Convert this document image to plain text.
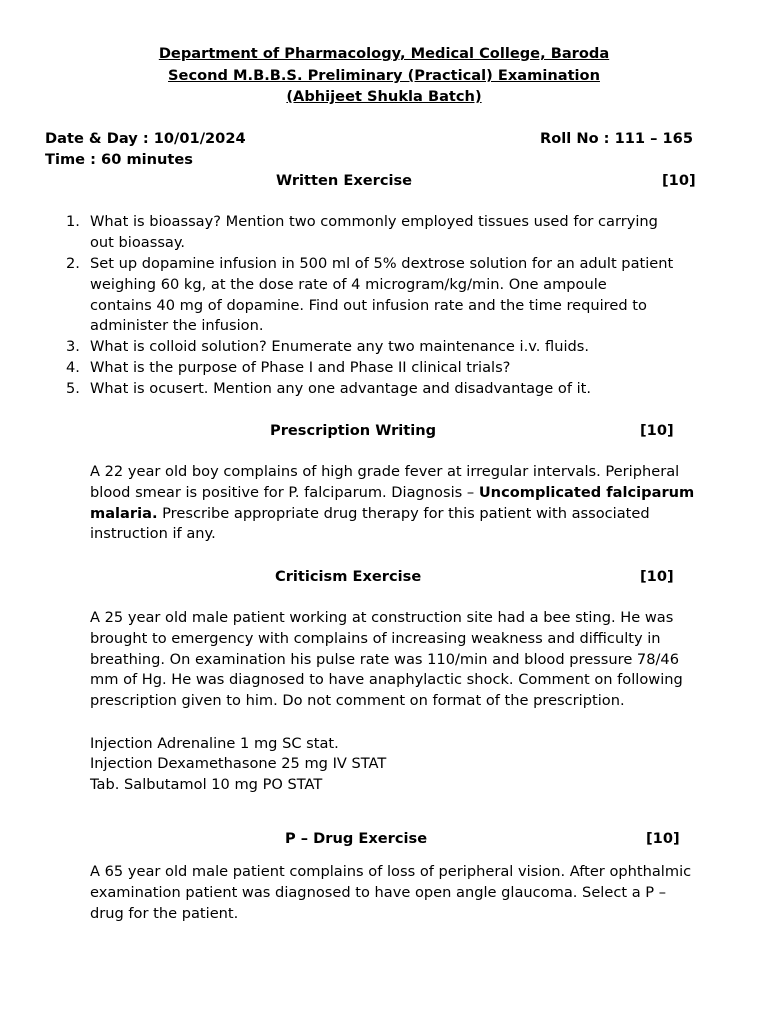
Department of Pharmacology, Medical College, Baroda
Second M.B.B.S. Preliminary (Practical) Examination
(Abhijeet Shukla Batch)
Date & Day : 10/01/2024	Roll No : 111 – 165
Time : 60 minutes
Written Exercise	[10]
1. What is bioassay? Mention two commonly employed tissues used for carrying
out bioassay.
2. Set up dopamine infusion in 500 ml of 5% dextrose solution for an adult patient
weighing 60 kg, at the dose rate of 4 microgram/kg/min. One ampoule
contains 40 mg of dopamine. Find out infusion rate and the time required to
administer the infusion.
3. What is colloid solution? Enumerate any two maintenance i.v. fluids.
4. What is the purpose of Phase I and Phase II clinical trials?
5. What is ocusert. Mention any one advantage and disadvantage of it.
Prescription Writing	[10]
A 22 year old boy complains of high grade fever at irregular intervals. Peripheral
blood smear is positive for P. falciparum. Diagnosis – Uncomplicated falciparum
malaria. Prescribe appropriate drug therapy for this patient with associated
instruction if any.
Criticism Exercise	[10]
A 25 year old male patient working at construction site had a bee sting. He was
brought to emergency with complains of increasing weakness and difficulty in
breathing. On examination his pulse rate was 110/min and blood pressure 78/46
mm of Hg. He was diagnosed to have anaphylactic shock. Comment on following
prescription given to him. Do not comment on format of the prescription.
Injection Adrenaline 1 mg SC stat.
Injection Dexamethasone 25 mg IV STAT
Tab. Salbutamol 10 mg PO STAT
P – Drug Exercise	[10]
A 65 year old male patient complains of loss of peripheral vision. After ophthalmic
examination patient was diagnosed to have open angle glaucoma. Select a P –
drug for the patient.
